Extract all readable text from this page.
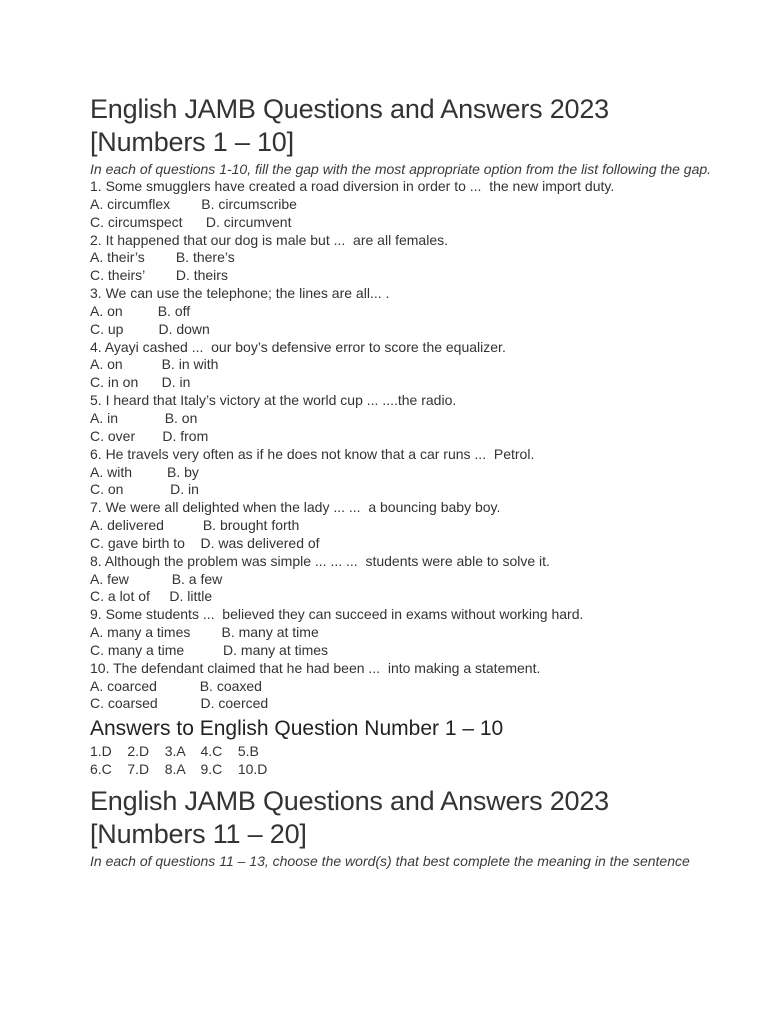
English JAMB Questions and Answers 2023
[Numbers 1 – 10]
In each of questions 1-10, fill the gap with the most appropriate option from the list following the gap.
1. Some smugglers have created a road diversion in order to ...  the new import duty.
A. circumflex        B. circumscribe
C. circumspect      D. circumvent
2. It happened that our dog is male but ...  are all females.
A. their’s        B. there’s
C. theirs’        D. theirs
3. We can use the telephone; the lines are all... .
A. on         B. off
C. up         D. down
4. Ayayi cashed ...  our boy’s defensive error to score the equalizer.
A. on          B. in with
C. in on      D. in
5. I heard that Italy’s victory at the world cup ... ....the radio.
A. in            B. on
C. over       D. from
6. He travels very often as if he does not know that a car runs ...  Petrol.
A. with         B. by
C. on            D. in
7. We were all delighted when the lady ... ...  a bouncing baby boy.
A. delivered          B. brought forth
C. gave birth to    D. was delivered of
8. Although the problem was simple ... ... ...  students were able to solve it.
A. few           B. a few
C. a lot of     D. little
9. Some students ...  believed they can succeed in exams without working hard.
A. many a times        B. many at time
C. many a time          D. many at times
10. The defendant claimed that he had been ...  into making a statement.
A. coarced           B. coaxed
C. coarsed           D. coerced
Answers to English Question Number 1 – 10
1.D    2.D    3.A    4.C    5.B
6.C    7.D    8.A    9.C    10.D
English JAMB Questions and Answers 2023
[Numbers 11 – 20]
In each of questions 11 – 13, choose the word(s) that best complete the meaning in the sentence
